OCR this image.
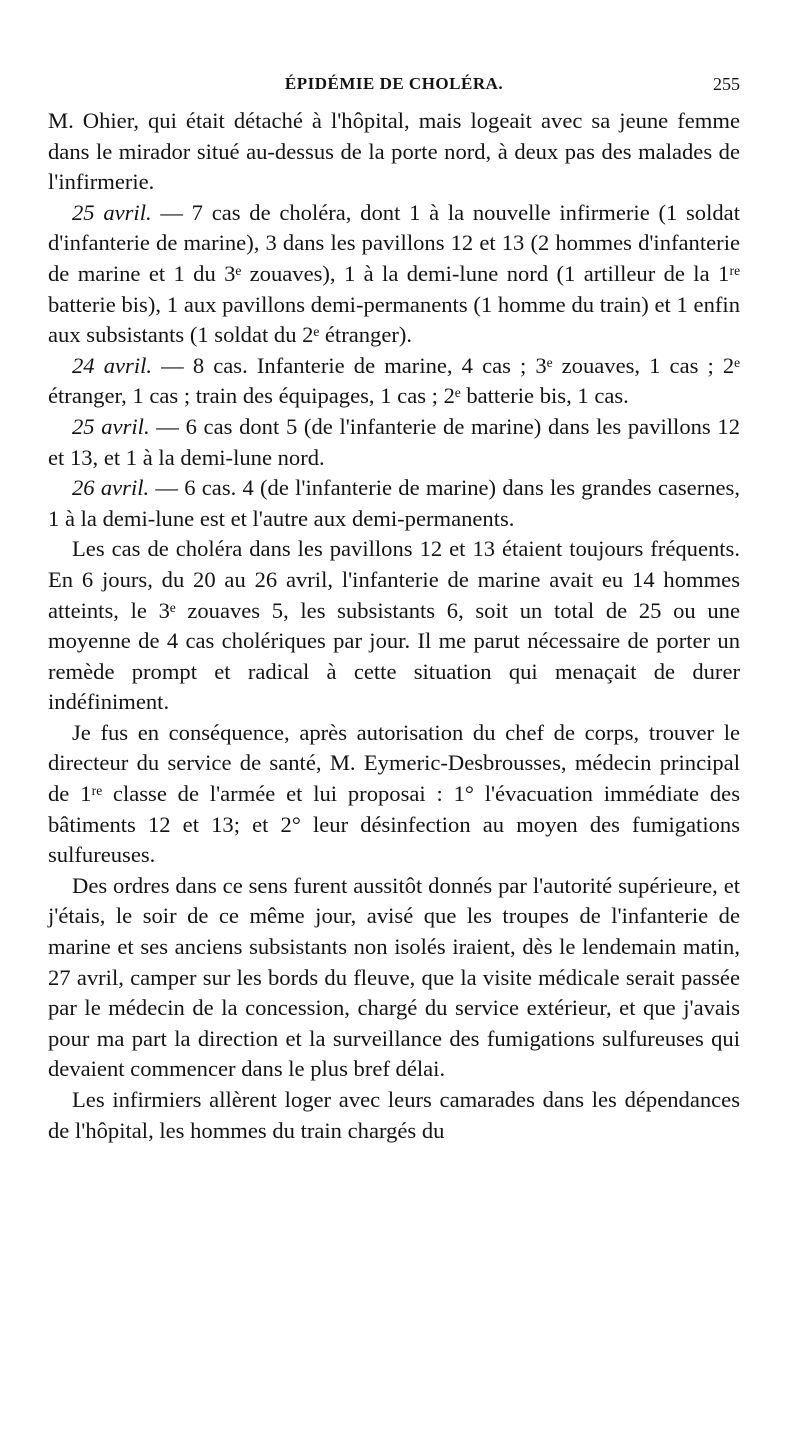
ÉPIDÉMIE DE CHOLÉRA.	255

M. Ohier, qui était détaché à l'hôpital, mais logeait avec sa jeune femme dans le mirador situé au-dessus de la porte nord, à deux pas des malades de l'infirmerie.

25 avril. — 7 cas de choléra, dont 1 à la nouvelle infirmerie (1 soldat d'infanterie de marine), 3 dans les pavillons 12 et 13 (2 hommes d'infanterie de marine et 1 du 3ᵉ zouaves), 1 à la demi-lune nord (1 artilleur de la 1ʳᵉ batterie bis), 1 aux pavillons demi-permanents (1 homme du train) et 1 enfin aux subsistants (1 soldat du 2ᵉ étranger).

24 avril. — 8 cas. Infanterie de marine, 4 cas ; 3ᵉ zouaves, 1 cas ; 2ᵉ étranger, 1 cas ; train des équipages, 1 cas ; 2ᵉ batterie bis, 1 cas.

25 avril. — 6 cas dont 5 (de l'infanterie de marine) dans les pavillons 12 et 13, et 1 à la demi-lune nord.

26 avril. — 6 cas. 4 (de l'infanterie de marine) dans les grandes casernes, 1 à la demi-lune est et l'autre aux demi-permanents.

Les cas de choléra dans les pavillons 12 et 13 étaient toujours fréquents. En 6 jours, du 20 au 26 avril, l'infanterie de marine avait eu 14 hommes atteints, le 3ᵉ zouaves 5, les subsistants 6, soit un total de 25 ou une moyenne de 4 cas cholériques par jour. Il me parut nécessaire de porter un remède prompt et radical à cette situation qui menaçait de durer indéfiniment.

Je fus en conséquence, après autorisation du chef de corps, trouver le directeur du service de santé, M. Eymeric-Desbrousses, médecin principal de 1ʳᵉ classe de l'armée et lui proposai : 1° l'évacuation immédiate des bâtiments 12 et 13; et 2° leur désinfection au moyen des fumigations sulfureuses.

Des ordres dans ce sens furent aussitôt donnés par l'autorité supérieure, et j'étais, le soir de ce même jour, avisé que les troupes de l'infanterie de marine et ses anciens subsistants non isolés iraient, dès le lendemain matin, 27 avril, camper sur les bords du fleuve, que la visite médicale serait passée par le médecin de la concession, chargé du service extérieur, et que j'avais pour ma part la direction et la surveillance des fumigations sulfureuses qui devaient commencer dans le plus bref délai.

Les infirmiers allèrent loger avec leurs camarades dans les dépendances de l'hôpital, les hommes du train chargés du
